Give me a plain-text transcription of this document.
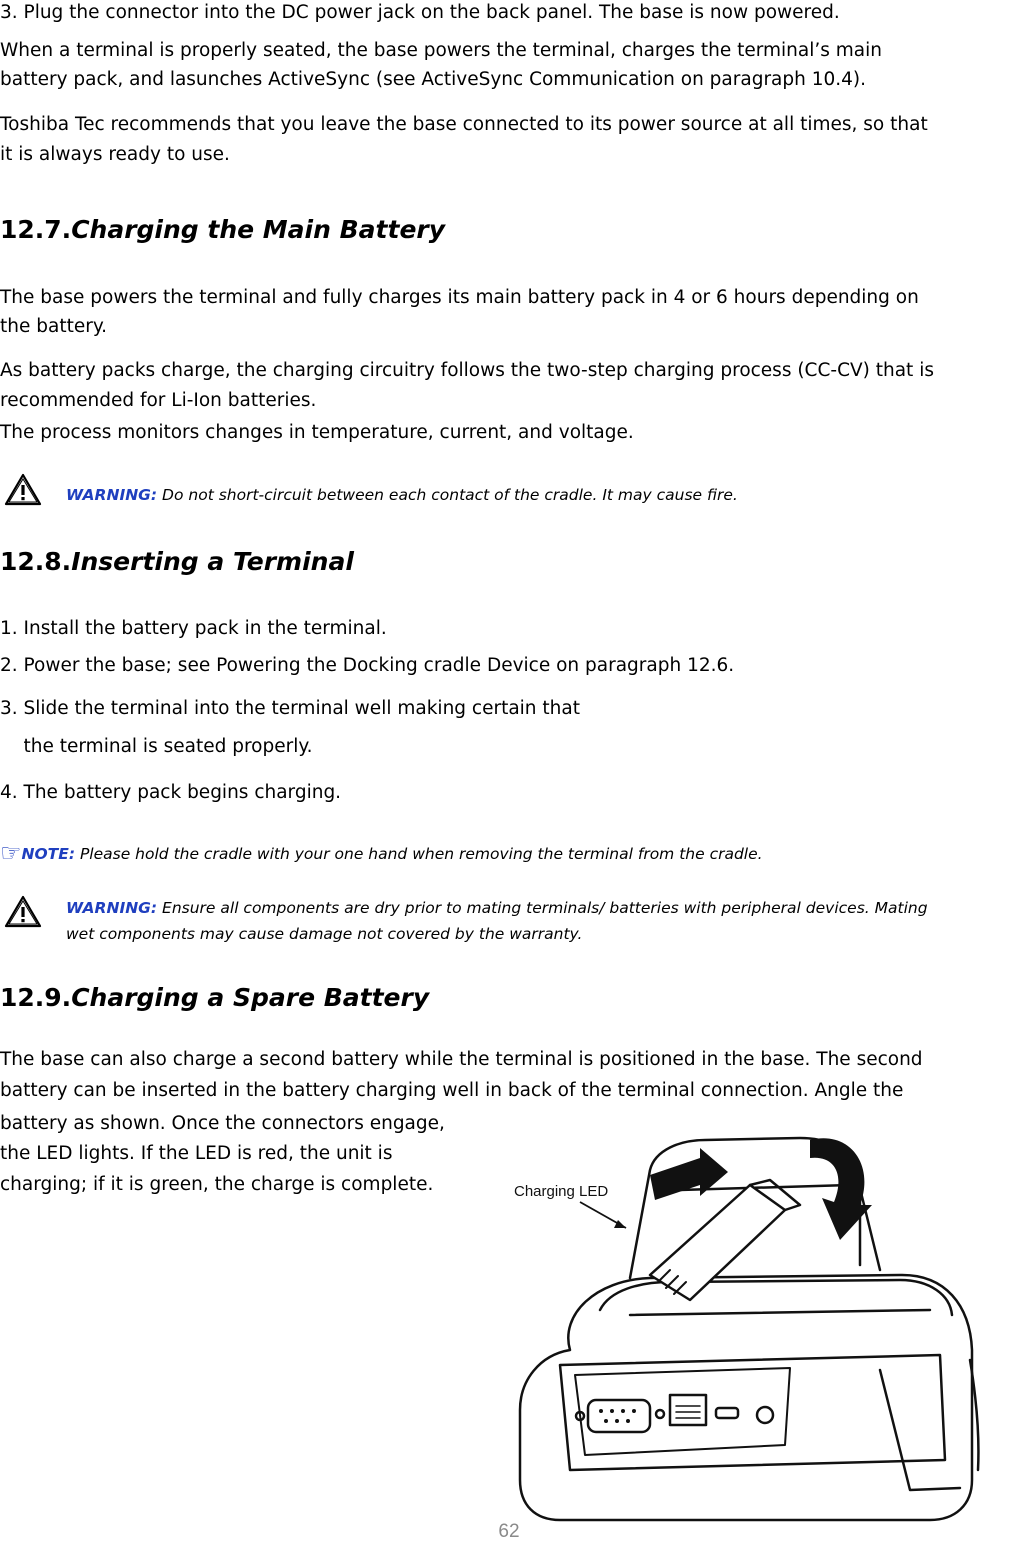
3. Plug the connector into the DC power jack on the back panel. The base is now powered.

When a terminal is properly seated, the base powers the terminal, charges the terminal’s main

battery pack, and lasunches ActiveSync (see ActiveSync Communication on paragraph 10.4).

Toshiba Tec recommends that you leave the base connected to its power source at all times, so that

it is always ready to use.

12.7.Charging the Main Battery

The base powers the terminal and fully charges its main battery pack in 4 or 6 hours depending on

the battery.

As battery packs charge, the charging circuitry follows the two-step charging process (CC-CV) that is

recommended for Li-Ion batteries.

The process monitors changes in temperature, current, and voltage.

WARNING: Do not short-circuit between each contact of the cradle. It may cause fire.
12.8.Inserting a Terminal

1. Install the battery pack in the terminal.

2. Power the base; see Powering the Docking cradle Device on paragraph 12.6.

3. Slide the terminal into the terminal well making certain that

the terminal is seated properly.

4. The battery pack begins charging.

☞NOTE: Please hold the cradle with your one hand when removing the terminal from the cradle.
WARNING: Ensure all components are dry prior to mating terminals/ batteries with peripheral devices. Mating
wet components may cause damage not covered by the warranty.
12.9.Charging a Spare Battery

The base can also charge a second battery while the terminal is positioned in the base. The second

battery can be inserted in the battery charging well in back of the terminal connection. Angle the

battery as shown. Once the connectors engage,

the LED lights. If the LED is red, the unit is

charging; if it is green, the charge is complete.	Charging LED
62
